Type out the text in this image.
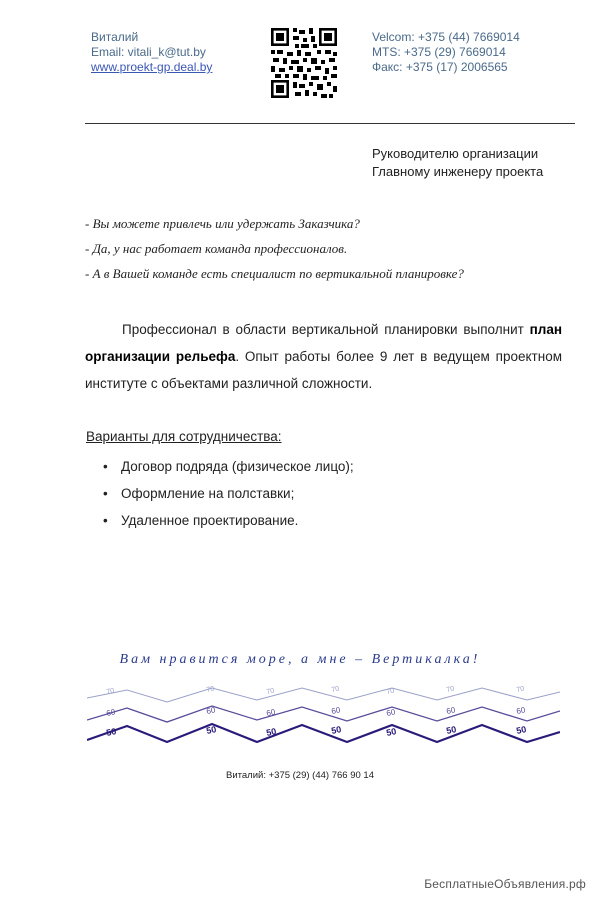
Виталий
Email: vitali_k@tut.by
www.proekt-gp.deal.by
Velcom: +375 (44) 7669014
MTS: +375 (29) 7669014
Факс: +375 (17) 2006565
Руководителю организации
Главному инженеру проекта
- Вы можете привлечь или удержать Заказчика?
- Да, у нас работает команда профессионалов.
- А в Вашей команде есть специалист по вертикальной планировке?
Профессионал в области вертикальной планировки выполнит план организации рельефа. Опыт работы более 9 лет в ведущем проектном институте с объектами различной сложности.
Варианты для сотрудничества:
• Договор подряда (физическое лицо);
• Оформление на полставки;
• Удаленное проектирование.
Вам нравится море, а мне – Вертикалка!
70	70	70	70	70	70	70
60	60	60	60	60	60	60
50	50	50	50	50	50	50
Виталий: +375 (29) (44) 766 90 14
БесплатныеОбъявления.рф
